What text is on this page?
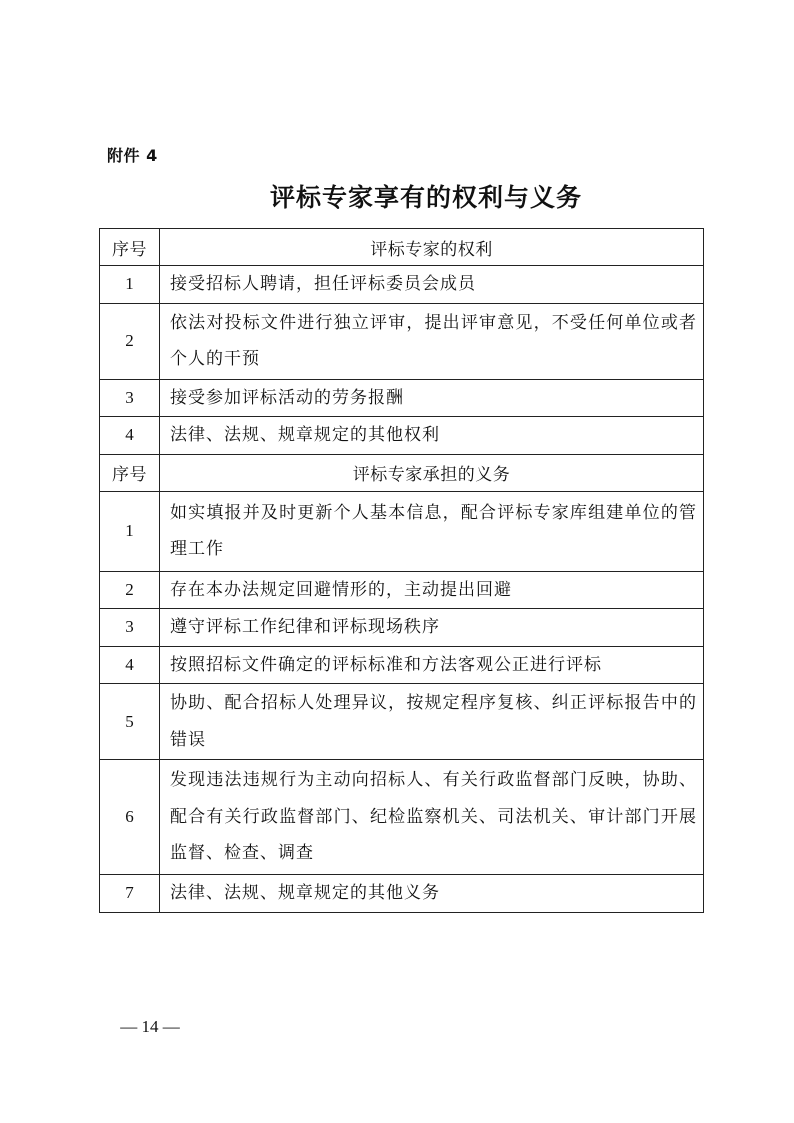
附件 4
评标专家享有的权利与义务
序号	评标专家的权利
1	接受招标人聘请，担任评标委员会成员
2	依法对投标文件进行独立评审，提出评审意见，不受任何单位或者个人的干预
3	接受参加评标活动的劳务报酬
4	法律、法规、规章规定的其他权利
序号	评标专家承担的义务
1	如实填报并及时更新个人基本信息，配合评标专家库组建单位的管理工作
2	存在本办法规定回避情形的，主动提出回避
3	遵守评标工作纪律和评标现场秩序
4	按照招标文件确定的评标标准和方法客观公正进行评标
5	协助、配合招标人处理异议，按规定程序复核、纠正评标报告中的错误
6	发现违法违规行为主动向招标人、有关行政监督部门反映，协助、配合有关行政监督部门、纪检监察机关、司法机关、审计部门开展监督、检查、调查
7	法律、法规、规章规定的其他义务
— 14 —
